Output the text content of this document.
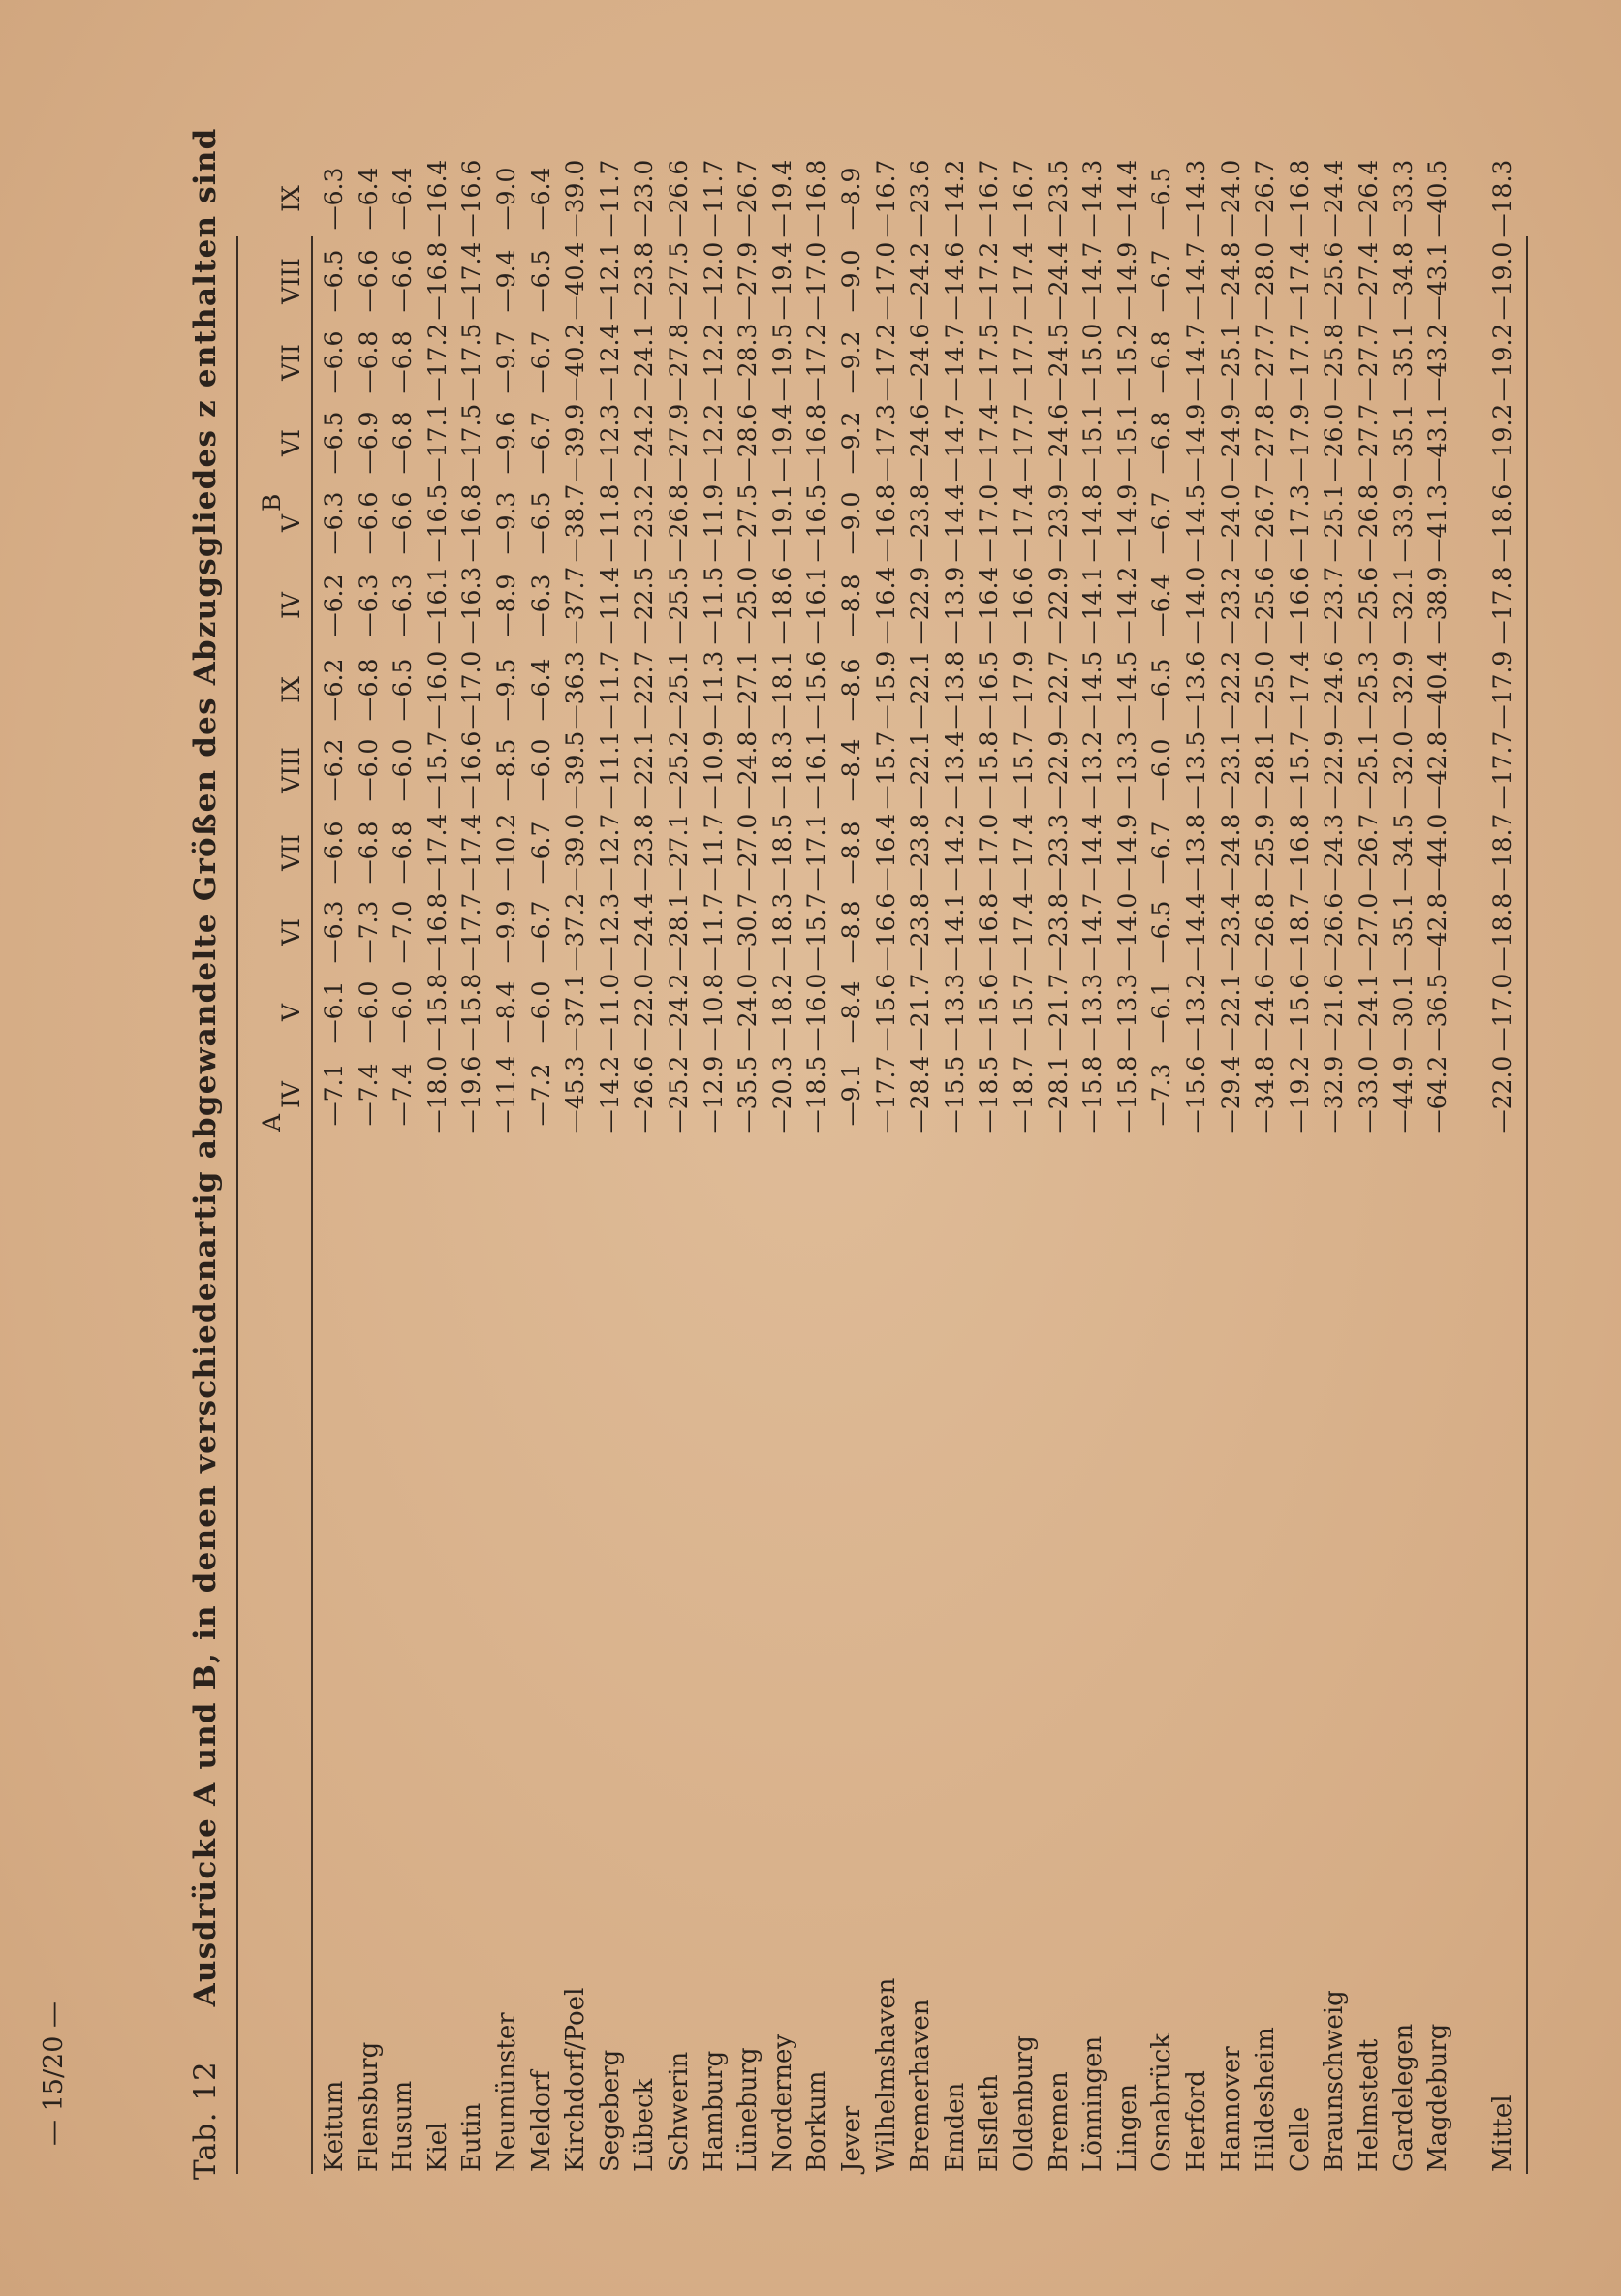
Tab. 12 Ausdrücke A und B, in denen verschiedenartig abgewandelte Größen des Abzugsgliedes z enthalten sind A
B
IV
V
VI
VII
VIII
IX
IV
V
VI
VII
VIII
IX
Keitum
—7.1
—6.1
—6.3
—6.6
—6.2
—6.2
—6.2
—6.3
—6.5
—6.6
—6.5
—6.3
Flensburg
—7.4
—6.0
—7.3
—6.8
—6.0
—6.8
—6.3
—6.6
—6.9
—6.8
—6.6
—6.4
Husum
—7.4
—6.0
—7.0
—6.8
—6.0
—6.5
—6.3
—6.6
—6.8
—6.8
—6.6
—6.4
Kiel
—18.0
—15.8
—16.8
—17.4
—15.7
—16.0
—16.1
—16.5
—17.1
—17.2
—16.8
—16.4
Eutin
—19.6
—15.8
—17.7
—17.4
—16.6
—17.0
—16.3
—16.8
—17.5
—17.5
—17.4
—16.6
Neumünster
—11.4
—8.4
—9.9
—10.2
—8.5
—9.5
—8.9
—9.3
—9.6
—9.7
—9.4
—9.0
Meldorf
—7.2
—6.0
—6.7
—6.7
—6.0
—6.4
—6.3
—6.5
—6.7
—6.7
—6.5
—6.4
Kirchdorf/Poel
—45.3
—37.1
—37.2
—39.0
—39.5
—36.3
—37.7
—38.7
—39.9
—40.2
—40.4
—39.0
Segeberg
—14.2
—11.0
—12.3
—12.7
—11.1
—11.7
—11.4
—11.8
—12.3
—12.4
—12.1
—11.7
Lübeck
—26.6
—22.0
—24.4
—23.8
—22.1
—22.7
—22.5
—23.2
—24.2
—24.1
—23.8
—23.0
Schwerin
—25.2
—24.2
—28.1
—27.1
—25.2
—25.1
—25.5
—26.8
—27.9
—27.8
—27.5
—26.6
Hamburg
—12.9
—10.8
—11.7
—11.7
—10.9
—11.3
—11.5
—11.9
—12.2
—12.2
—12.0
—11.7
Lüneburg
—35.5
—24.0
—30.7
—27.0
—24.8
—27.1
—25.0
—27.5
—28.6
—28.3
—27.9
—26.7
Norderney
—20.3
—18.2
—18.3
—18.5
—18.3
—18.1
—18.6
—19.1
—19.4
—19.5
—19.4
—19.4
Borkum
—18.5
—16.0
—15.7
—17.1
—16.1
—15.6
—16.1
—16.5
—16.8
—17.2
—17.0
—16.8
Jever
—9.1
—8.4
—8.8
—8.8
—8.4
—8.6
—8.8
—9.0
—9.2
—9.2
—9.0
—8.9
Wilhelmshaven
—17.7
—15.6
—16.6
—16.4
—15.7
—15.9
—16.4
—16.8
—17.3
—17.2
—17.0
—16.7
Bremerhaven
—28.4
—21.7
—23.8
—23.8
—22.1
—22.1
—22.9
—23.8
—24.6
—24.6
—24.2
—23.6
Emden
—15.5
—13.3
—14.1
—14.2
—13.4
—13.8
—13.9
—14.4
—14.7
—14.7
—14.6
—14.2
Elsfleth
—18.5
—15.6
—16.8
—17.0
—15.8
—16.5
—16.4
—17.0
—17.4
—17.5
—17.2
—16.7
Oldenburg
—18.7
—15.7
—17.4
—17.4
—15.7
—17.9
—16.6
—17.4
—17.7
—17.7
—17.4
—16.7
Bremen
—28.1
—21.7
—23.8
—23.3
—22.9
—22.7
—22.9
—23.9
—24.6
—24.5
—24.4
—23.5
Lönningen
—15.8
—13.3
—14.7
—14.4
—13.2
—14.5
—14.1
—14.8
—15.1
—15.0
—14.7
—14.3
Lingen
—15.8
—13.3
—14.0
—14.9
—13.3
—14.5
—14.2
—14.9
—15.1
—15.2
—14.9
—14.4
Osnabrück
—7.3
—6.1
—6.5
—6.7
—6.0
—6.5
—6.4
—6.7
—6.8
—6.8
—6.7
—6.5
Herford
—15.6
—13.2
—14.4
—13.8
—13.5
—13.6
—14.0
—14.5
—14.9
—14.7
—14.7
—14.3
Hannover
—29.4
—22.1
—23.4
—24.8
—23.1
—22.2
—23.2
—24.0
—24.9
—25.1
—24.8
—24.0
Hildesheim
—34.8
—24.6
—26.8
—25.9
—28.1
—25.0
—25.6
—26.7
—27.8
—27.7
—28.0
—26.7
Celle
—19.2
—15.6
—18.7
—16.8
—15.7
—17.4
—16.6
—17.3
—17.9
—17.7
—17.4
—16.8
Braunschweig
—32.9
—21.6
—26.6
—24.3
—22.9
—24.6
—23.7
—25.1
—26.0
—25.8
—25.6
—24.4
Helmstedt
—33.0
—24.1
—27.0
—26.7
—25.1
—25.3
—25.6
—26.8
—27.7
—27.7
—27.4
—26.4
Gardelegen
—44.9
—30.1
—35.1
—34.5
—32.0
—32.9
—32.1
—33.9
—35.1
—35.1
—34.8
—33.3
Magdeburg
—64.2
—36.5
—42.8
—44.0
—42.8
—40.4
—38.9
—41.3
—43.1
—43.2
—43.1
—40.5
Mittel
—22.0
—17.0
—18.8
—18.7
—17.7
—17.9
—17.8
—18.6
—19.2
—19.2
—19.0
—18.3
— 15/20 —
